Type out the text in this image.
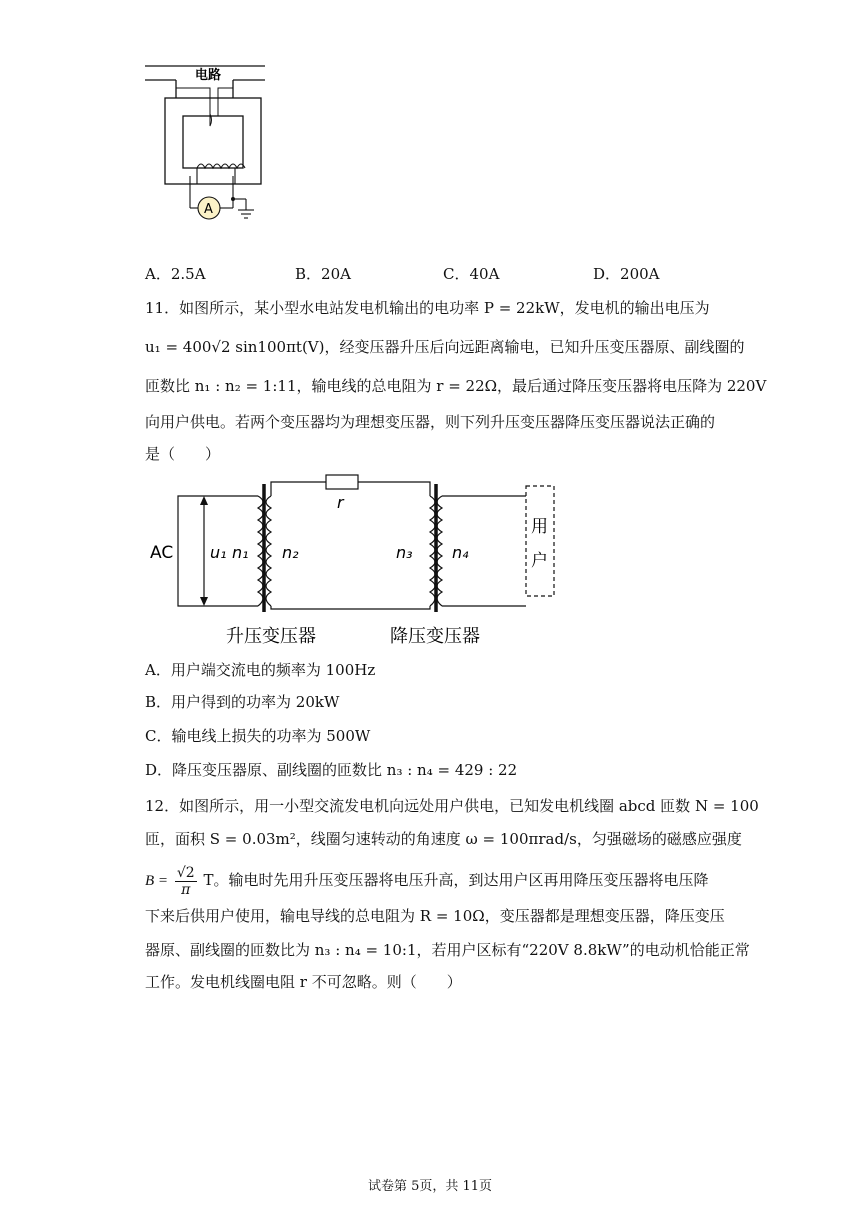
电路
A
A．2.5A	B．20A	C．40A	D．200A
11．如图所示，某小型水电站发电机输出的电功率 P = 22kW，发电机的输出电压为
u₁ = 400√2 sin100πt(V)，经变压器升压后向远距离输电，已知升压变压器原、副线圈的
匝数比 n₁ : n₂ = 1:11，输电线的总电阻为 r = 22Ω，最后通过降压变压器将电压降为 220V
向用户供电。若两个变压器均为理想变压器，则下列升压变压器降压变压器说法正确的
是（　　）
r
AC u₁ n₁ n₂	n₃ n₄
用
户
升压变压器	降压变压器
A．用户端交流电的频率为 100Hz
B．用户得到的功率为 20kW
C．输电线上损失的功率为 500W
D．降压变压器原、副线圈的匝数比 n₃ : n₄ = 429 : 22
12．如图所示，用一小型交流发电机向远处用户供电，已知发电机线圈 abcd 匝数 N = 100
匝，面积 S = 0.03m²，线圈匀速转动的角速度 ω = 100πrad/s，匀强磁场的磁感应强度
$B = \frac{√2}{\pi}$ T。输电时先用升压变压器将电压升高，到达用户区再用降压变压器将电压降
下来后供用户使用，输电导线的总电阻为 R = 10Ω，变压器都是理想变压器，降压变压
器原、副线圈的匝数比为 n₃ : n₄ = 10:1，若用户区标有“220V 8.8kW”的电动机恰能正常
工作。发电机线圈电阻 r 不可忽略。则（　　）
试卷第 5页，共 11页
